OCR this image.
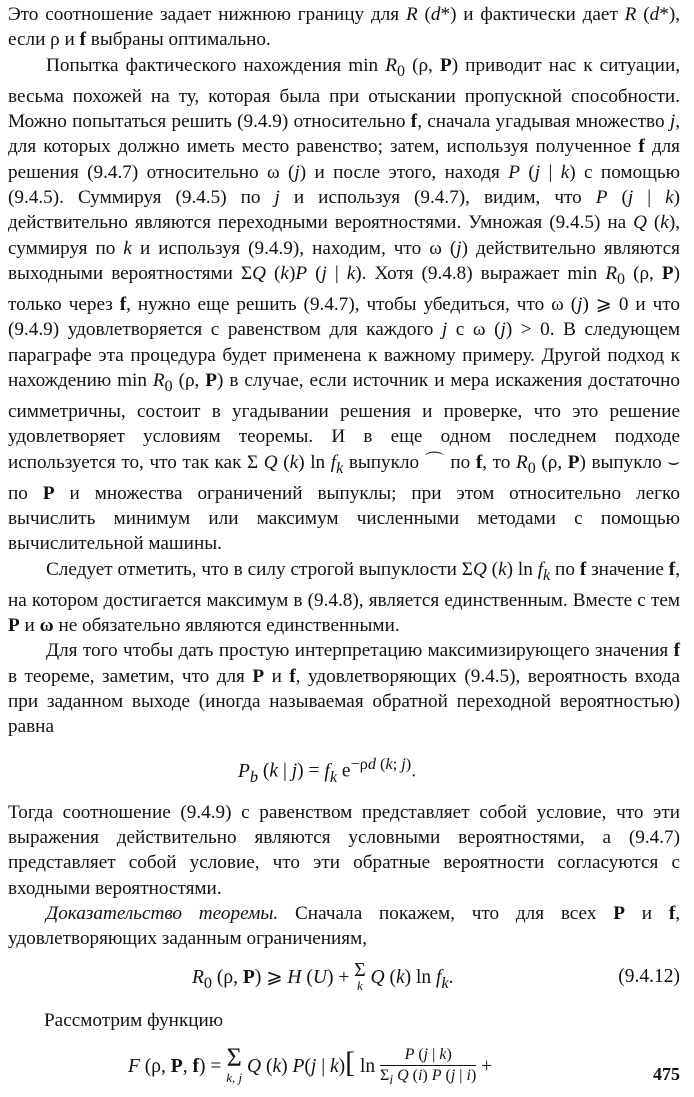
Это соотношение задает нижнюю границу для R (d*) и фактически дает R (d*), если ρ и f выбраны оптимально.

Попытка фактического нахождения $\min R_0$ (ρ, P) приводит нас к ситуации, весьма похожей на ту, которая была при отыскании пропускной способности. Можно попытаться решить (9.4.9) относительно f, сначала угадывая множество j, для которых должно иметь место равенство; затем, используя полученное f для решения (9.4.7) относительно ω (j) и после этого, находя P (j | k) с помощью (9.4.5). Суммируя (9.4.5) по j и используя (9.4.7), видим, что P (j | k) действительно являются переходными вероятностями. Умножая (9.4.5) на Q (k), суммируя по k и используя (9.4.9), находим, что ω (j) действительно являются выходными вероятностями ΣQ (k)P (j | k). Хотя (9.4.8) выражает $\min R_0$ (ρ, P) только через f, нужно еще решить (9.4.7), чтобы убедиться, что ω (j) ⩾ 0 и что (9.4.9) удовлетворяется с равенством для каждого j с ω (j) > 0. В следующем параграфе эта процедура будет применена к важному примеру. Другой подход к нахождению $\min R_0$ (ρ, P) в случае, если источник и мера искажения достаточно симметричны, состоит в угадывании решения и проверке, что это решение удовлетворяет условиям теоремы. И в еще одном последнем подходе используется то, что так как Σ Q (k) $\ln f_k$ выпукло ⌒ по f, то $R_0$ (ρ, P) выпукло ⌣ по P и множества ограничений выпуклы; при этом относительно легко вычислить минимум или максимум численными методами с помощью вычислительной машины.

Следует отметить, что в силу строгой выпуклости ΣQ (k) $\ln f_k$ по f значение f, на котором достигается максимум в (9.4.8), является единственным. Вместе с тем P и ω не обязательно являются единственными.

Для того чтобы дать простую интерпретацию максимизирующего значения f в теореме, заметим, что для P и f, удовлетворяющих (9.4.5), вероятность входа при заданном выходе (иногда называемая обратной переходной вероятностью) равна

$P_b$ (k | $j) = f_k$ $e^{-\rho d (k; j)}$.

Тогда соотношение (9.4.9) с равенством представляет собой условие, что эти выражения действительно являются условными вероятностями, а (9.4.7) представляет собой условие, что эти обратные вероятности согласуются с входными вероятностями.

Доказательство теоремы. Сначала покажем, что для всех P и f, удовлетворяющих заданным ограничениям,

$R_0$ (ρ, P) ⩾ H (U) + Σ
k Q (k) $\ln f_k$.	(9.4.12)
Рассмотрим функцию
F (ρ, P, f) = Σ
k, j Q (k) P(j | k)[ $\ln \frac{P (j | k)}{\Sigma_i Q (i) P (j | i)}$ +	475
